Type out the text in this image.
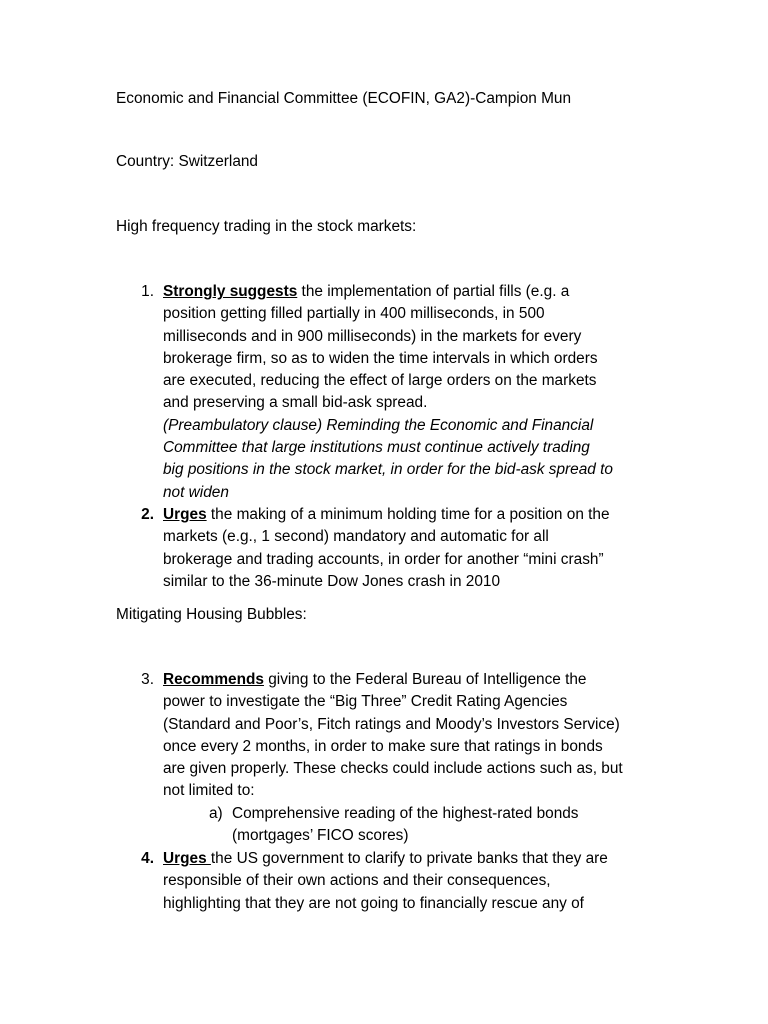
Economic and Financial Committee (ECOFIN, GA2)-Campion Mun
Country: Switzerland
High frequency trading in the stock markets:
1. Strongly suggests the implementation of partial fills (e.g. a
position getting filled partially in 400 milliseconds, in 500
milliseconds and in 900 milliseconds) in the markets for every
brokerage firm, so as to widen the time intervals in which orders
are executed, reducing the effect of large orders on the markets
and preserving a small bid-ask spread.
(Preambulatory clause) Reminding the Economic and Financial
Committee that large institutions must continue actively trading
big positions in the stock market, in order for the bid-ask spread to
not widen
2. Urges the making of a minimum holding time for a position on the
markets (e.g., 1 second) mandatory and automatic for all
brokerage and trading accounts, in order for another “mini crash”
similar to the 36-minute Dow Jones crash in 2010
Mitigating Housing Bubbles:
3. Recommends giving to the Federal Bureau of Intelligence the
power to investigate the “Big Three” Credit Rating Agencies
(Standard and Poor’s, Fitch ratings and Moody’s Investors Service)
once every 2 months, in order to make sure that ratings in bonds
are given properly. These checks could include actions such as, but
not limited to:
a) Comprehensive reading of the highest-rated bonds
(mortgages’ FICO scores)
4. Urges the US government to clarify to private banks that they are
responsible of their own actions and their consequences,
highlighting that they are not going to financially rescue any of
